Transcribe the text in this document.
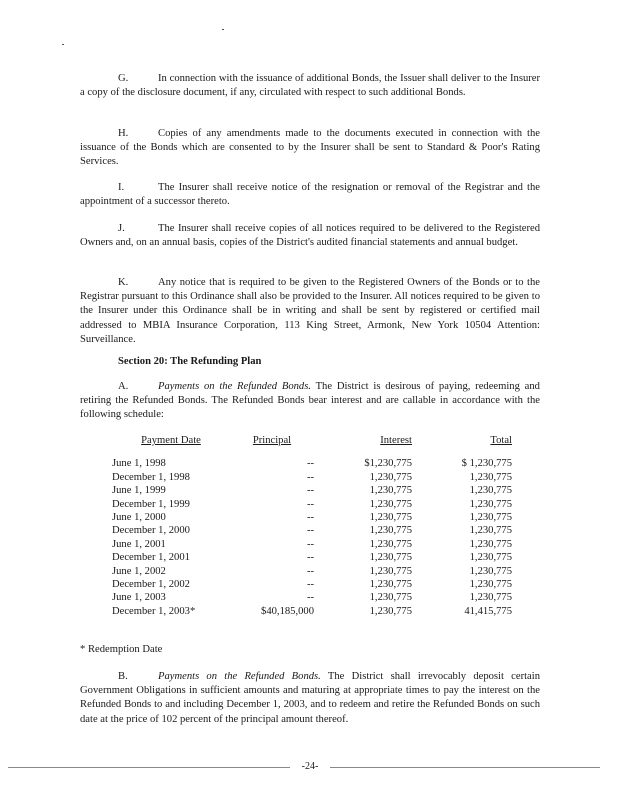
G.	In connection with the issuance of additional Bonds, the Issuer shall deliver to the Insurer a copy of the disclosure document, if any, circulated with respect to such additional Bonds.

H.	Copies of any amendments made to the documents executed in connection with the issuance of the Bonds which are consented to by the Insurer shall be sent to Standard & Poor's Rating Services.

I.	The Insurer shall receive notice of the resignation or removal of the Registrar and the appointment of a successor thereto.

J.	The Insurer shall receive copies of all notices required to be delivered to the Registered Owners and, on an annual basis, copies of the District's audited financial statements and annual budget.

K.	Any notice that is required to be given to the Registered Owners of the Bonds or to the Registrar pursuant to this Ordinance shall also be provided to the Insurer. All notices required to be given to the Insurer under this Ordinance shall be in writing and shall be sent by registered or certified mail addressed to MBIA Insurance Corporation, 113 King Street, Armonk, New York 10504 Attention: Surveillance.

Section 20: The Refunding Plan

A.	Payments on the Refunded Bonds. The District is desirous of paying, redeeming and retiring the Refunded Bonds. The Refunded Bonds bear interest and are callable in accordance with the following schedule:

Payment Date	Principal	Interest	Total
June 1, 1998	--	$1,230,775	$ 1,230,775
December 1, 1998	--	1,230,775	1,230,775
June 1, 1999	--	1,230,775	1,230,775
December 1, 1999	--	1,230,775	1,230,775
June 1, 2000	--	1,230,775	1,230,775
December 1, 2000	--	1,230,775	1,230,775
June 1, 2001	--	1,230,775	1,230,775
December 1, 2001	--	1,230,775	1,230,775
June 1, 2002	--	1,230,775	1,230,775
December 1, 2002	--	1,230,775	1,230,775
June 1, 2003	--	1,230,775	1,230,775
December 1, 2003*	$40,185,000	1,230,775	41,415,775

* Redemption Date

B.	Payments on the Refunded Bonds. The District shall irrevocably deposit certain Government Obligations in sufficient amounts and maturing at appropriate times to pay the interest on the Refunded Bonds to and including December 1, 2003, and to redeem and retire the Refunded Bonds on such date at the price of 102 percent of the principal amount thereof.

-24-
